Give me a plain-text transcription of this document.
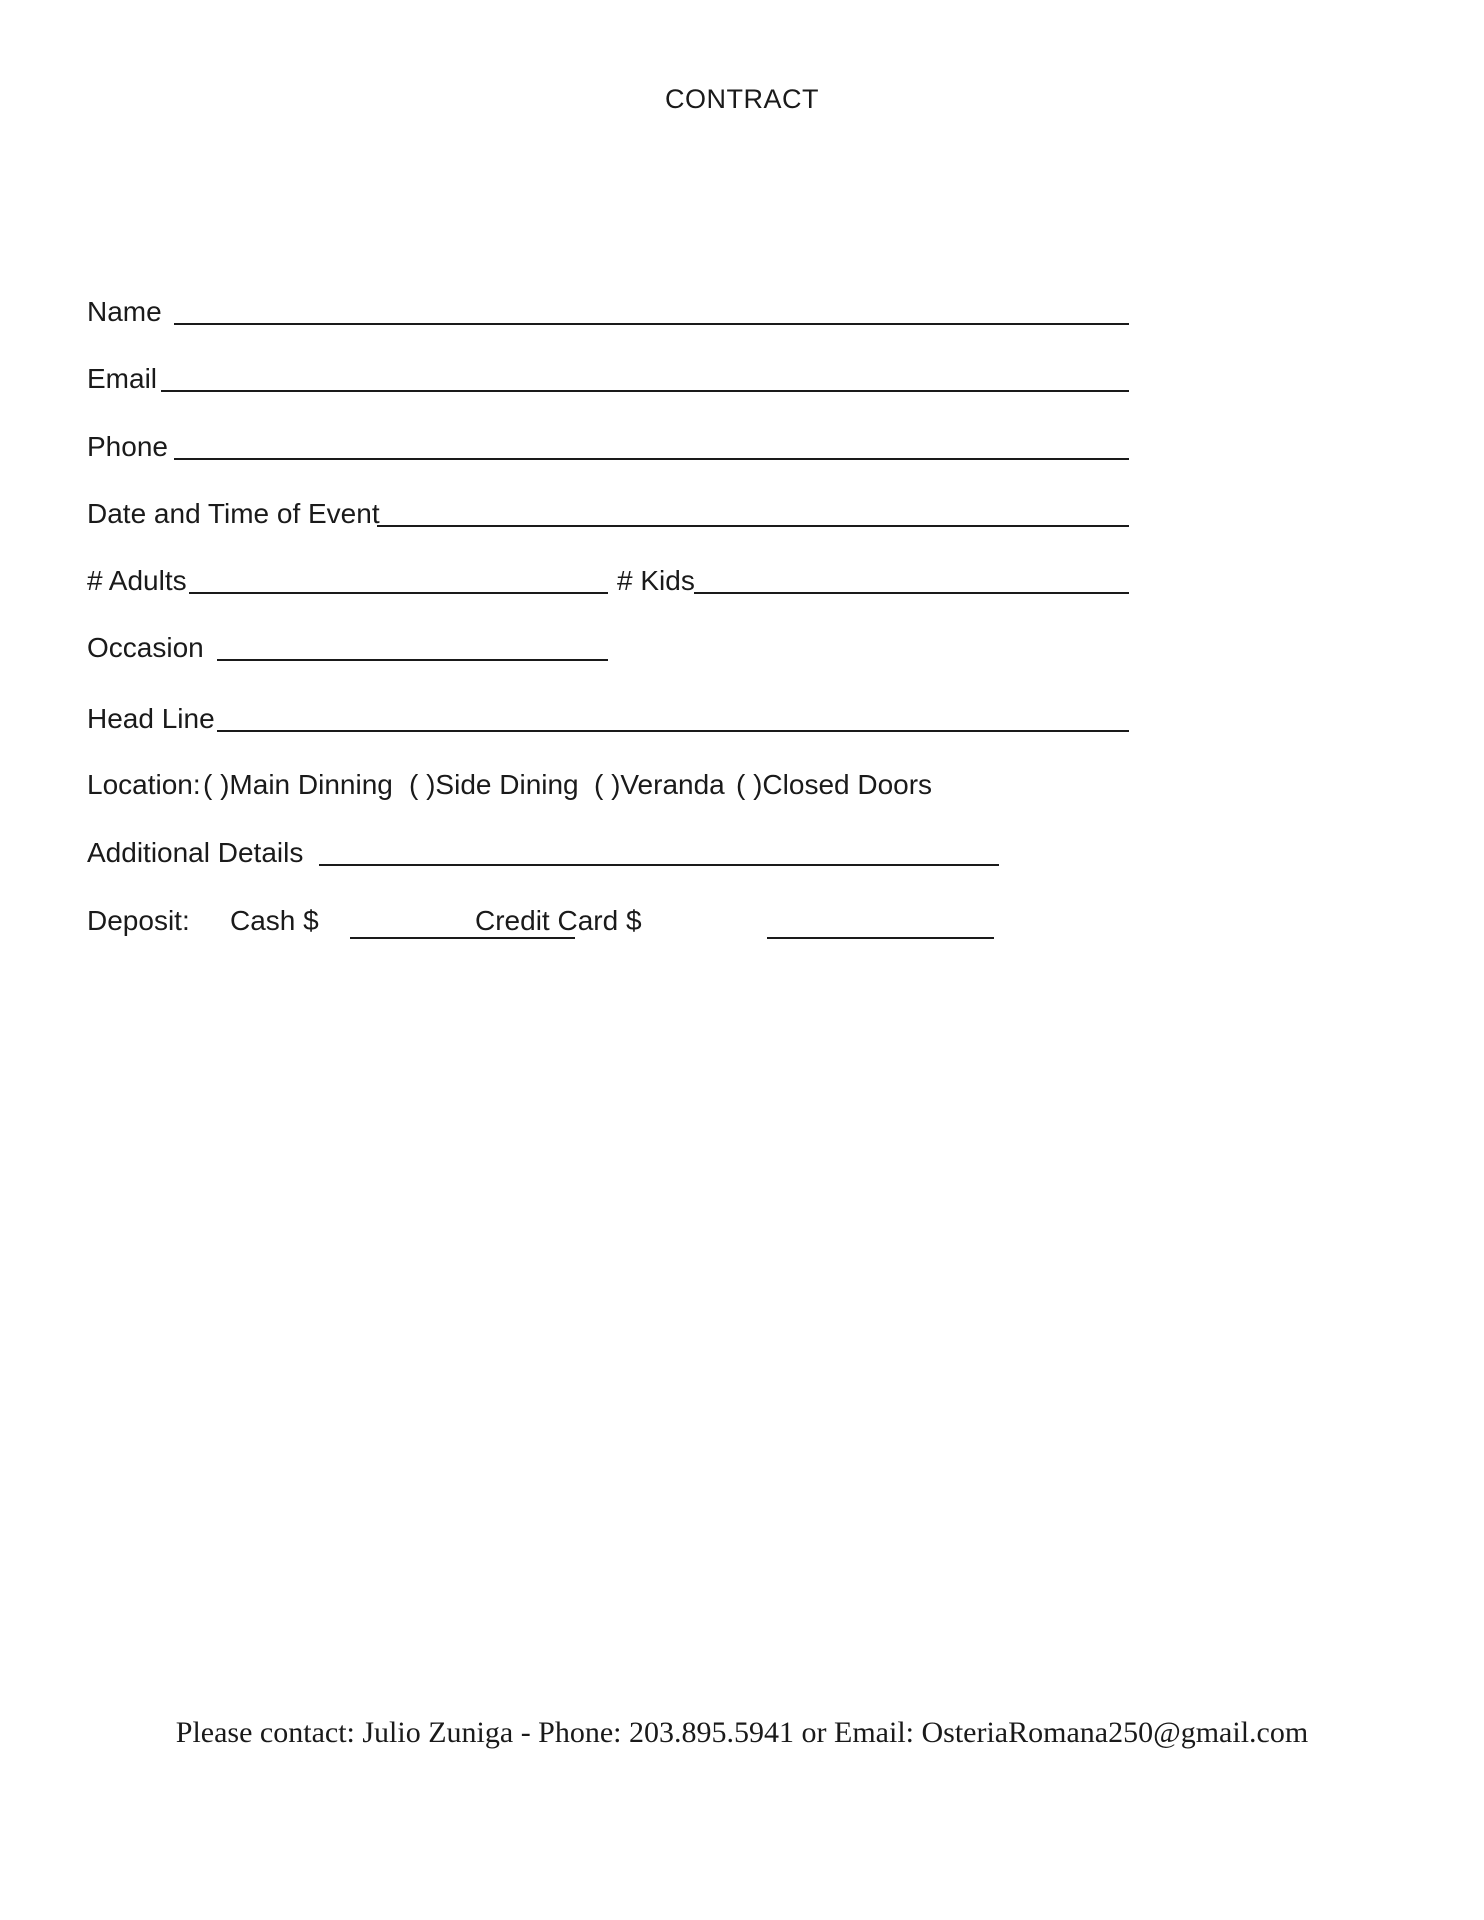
CONTRACT
Name
Email
Phone
Date and Time of Event
# Adults	# Kids
Occasion
Head Line
Location: ( )Main Dinning ( )Side Dining ( )Veranda ( )Closed Doors
Additional Details
Deposit: Cash $	Credit Card $
Please contact: Julio Zuniga - Phone: 203.895.5941 or Email: OsteriaRomana250@gmail.com
